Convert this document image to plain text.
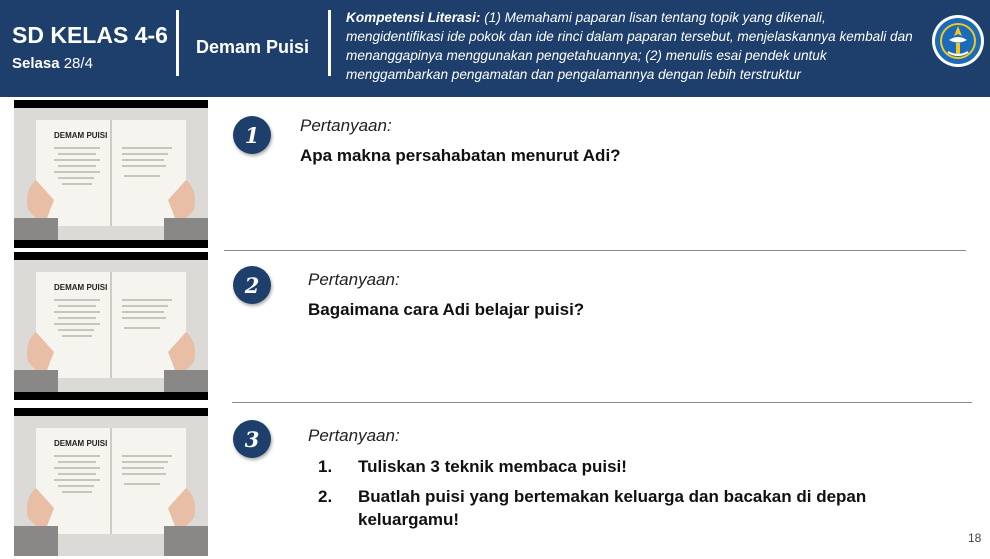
SD KELAS 4-6
Selasa 28/4
Demam Puisi
Kompetensi Literasi: (1) Memahami paparan lisan tentang topik yang dikenali, mengidentifikasi ide pokok dan ide rinci dalam paparan tersebut, menjelaskannya kembali dan menanggapinya menggunakan pengetahuannya; (2) menulis esai pendek untuk menggambarkan pengamatan dan pengalamannya dengan lebih terstruktur
DEMAM PUISI
DEMAM PUISI
DEMAM PUISI
1	Pertanyaan:
Apa makna persahabatan menurut Adi?
2	Pertanyaan:
Bagaimana cara Adi belajar puisi?
3	Pertanyaan:
1. Tuliskan 3 teknik membaca puisi!
2. Buatlah puisi yang bertemakan keluarga dan bacakan di depan keluargamu!
18
